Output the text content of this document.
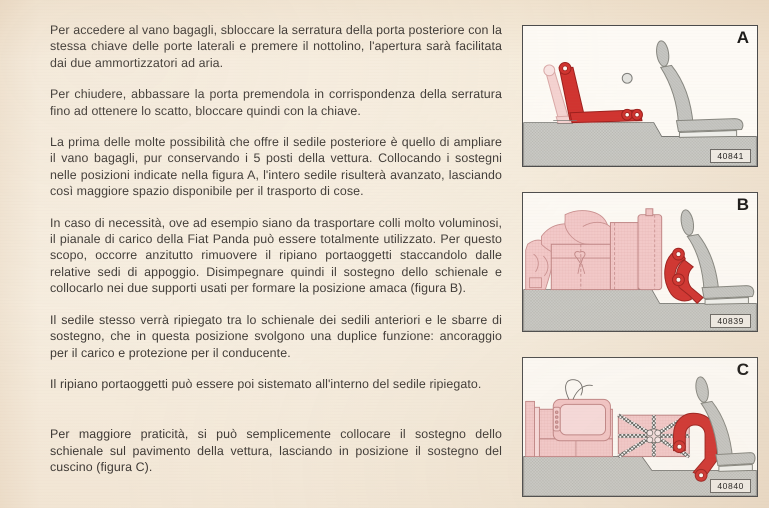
Per accedere al vano bagagli, sbloccare la serratura della porta posteriore con la stessa chiave delle porte laterali e premere il nottolino, l'apertura sarà facilitata dai due ammortizzatori ad aria.

Per chiudere, abbassare la porta premendola in corrispondenza della serratura fino ad ottenere lo scatto, bloccare quindi con la chiave.

La prima delle molte possibilità che offre il sedile posteriore è quello di ampliare il vano bagagli, pur conservando i 5 posti della vettura. Collocando i sostegni nelle posizioni indicate nella figura A, l'intero sedile risulterà avanzato, lasciando così maggiore spazio disponibile per il trasporto di cose.

In caso di necessità, ove ad esempio siano da trasportare colli molto voluminosi, il pianale di carico della Fiat Panda può essere totalmente utilizzato. Per questo scopo, occorre anzitutto rimuovere il ripiano portaoggetti staccandolo dalle relative sedi di appoggio. Disimpegnare quindi il sostegno dello schienale e collocarlo nei due supporti usati per formare la posizione amaca (figura B).

Il sedile stesso verrà ripiegato tra lo schienale dei sedili anteriori e le sbarre di sostegno, che in questa posizione svolgono una duplice funzione: ancoraggio per il carico e protezione per il conducente.

Il ripiano portaoggetti può essere poi sistemato all'interno del sedile ripiegato.

Per maggiore praticità, si può semplicemente collocare il sostegno dello schienale sul pavimento della vettura, lasciando in posizione il sostegno del cuscino (figura C).

A
40841
B
40839
C
40840
